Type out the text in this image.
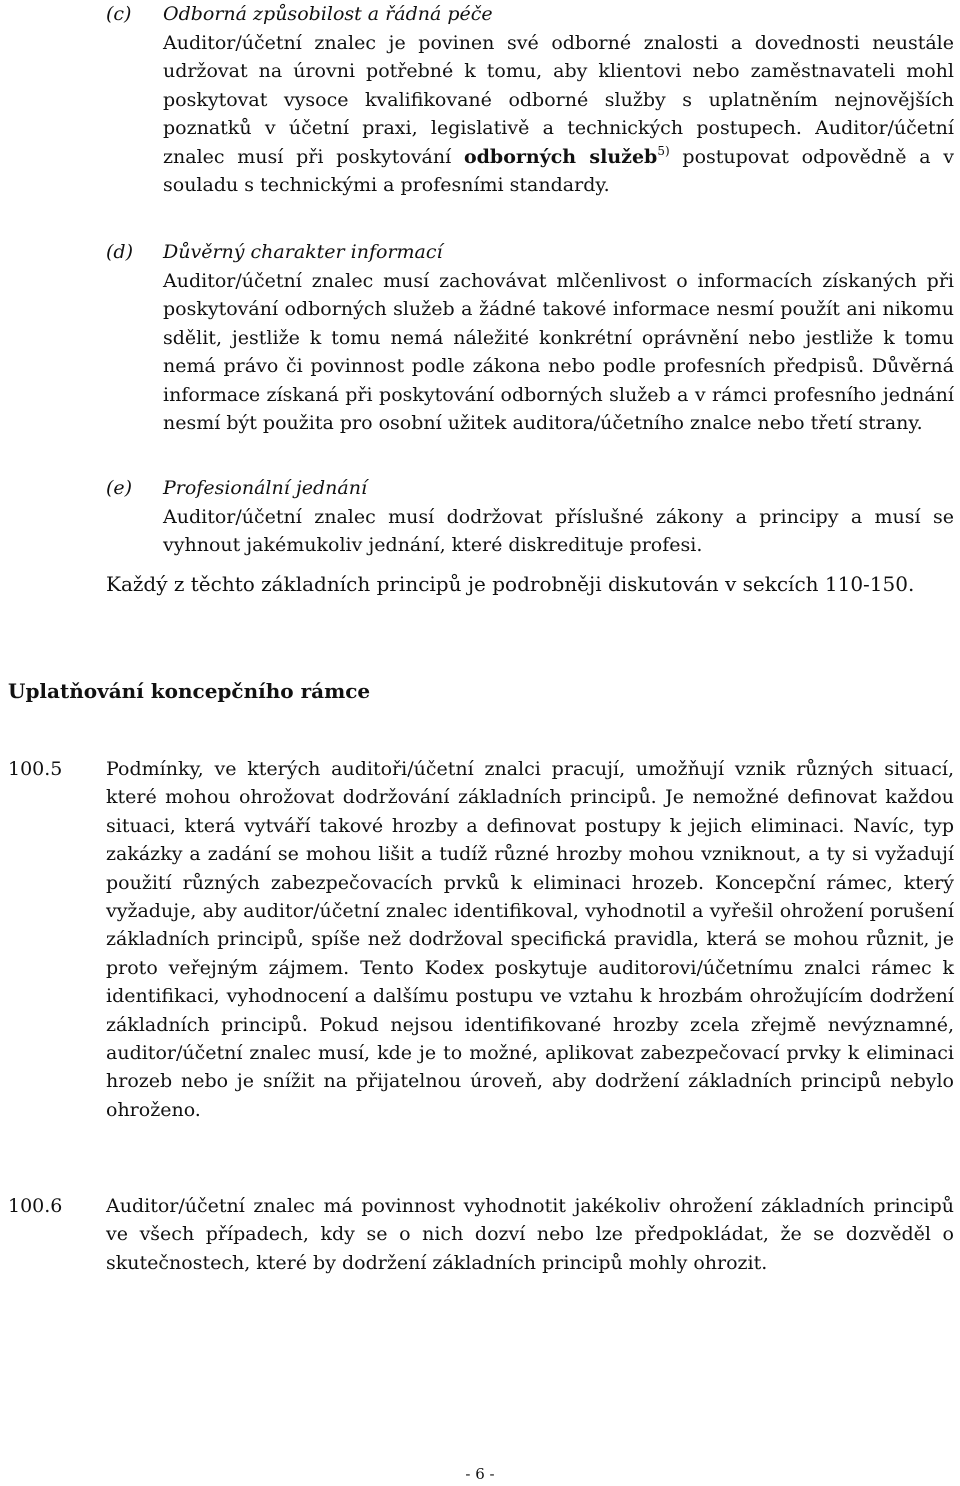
(c) Odborná způsobilost a řádná péče
Auditor/účetní znalec je povinen své odborné znalosti a dovednosti neustále udržovat na úrovni potřebné k tomu, aby klientovi nebo zaměstnavateli mohl poskytovat vysoce kvalifikované odborné služby s uplatněním nejnovějších poznatků v účetní praxi, legislativě a technických postupech. Auditor/účetní znalec musí při poskytování odborných služeb$^{5)}$ postupovat odpovědně a v souladu s technickými a profesními standardy.
(d) Důvěrný charakter informací
Auditor/účetní znalec musí zachovávat mlčenlivost o informacích získaných při poskytování odborných služeb a žádné takové informace nesmí použít ani nikomu sdělit, jestliže k tomu nemá náležité konkrétní oprávnění nebo jestliže k tomu nemá právo či povinnost podle zákona nebo podle profesních předpisů. Důvěrná informace získaná při poskytování odborných služeb a v rámci profesního jednání nesmí být použita pro osobní užitek auditora/účetního znalce nebo třetí strany.
(e) Profesionální jednání
Auditor/účetní znalec musí dodržovat příslušné zákony a principy a musí se vyhnout jakémukoliv jednání, které diskredituje profesi.
Každý z těchto základních principů je podrobněji diskutován v sekcích 110-150.
Uplatňování koncepčního rámce
100.5 Podmínky, ve kterých auditoři/účetní znalci pracují, umožňují vznik různých situací, které mohou ohrožovat dodržování základních principů. Je nemožné definovat každou situaci, která vytváří takové hrozby a definovat postupy k jejich eliminaci. Navíc, typ zakázky a zadání se mohou lišit a tudíž různé hrozby mohou vzniknout, a ty si vyžadují použití různých zabezpečovacích prvků k eliminaci hrozeb. Koncepční rámec, který vyžaduje, aby auditor/účetní znalec identifikoval, vyhodnotil a vyřešil ohrožení porušení základních principů, spíše než dodržoval specifická pravidla, která se mohou různit, je proto veřejným zájmem. Tento Kodex poskytuje auditorovi/účetnímu znalci rámec k identifikaci, vyhodnocení a dalšímu postupu ve vztahu k hrozbám ohrožujícím dodržení základních principů. Pokud nejsou identifikované hrozby zcela zřejmě nevýznamné, auditor/účetní znalec musí, kde je to možné, aplikovat zabezpečovací prvky k eliminaci hrozeb nebo je snížit na přijatelnou úroveň, aby dodržení základních principů nebylo ohroženo.
100.6 Auditor/účetní znalec má povinnost vyhodnotit jakékoliv ohrožení základních principů ve všech případech, kdy se o nich dozví nebo lze předpokládat, že se dozvěděl o skutečnostech, které by dodržení základních principů mohly ohrozit.
- 6 -
